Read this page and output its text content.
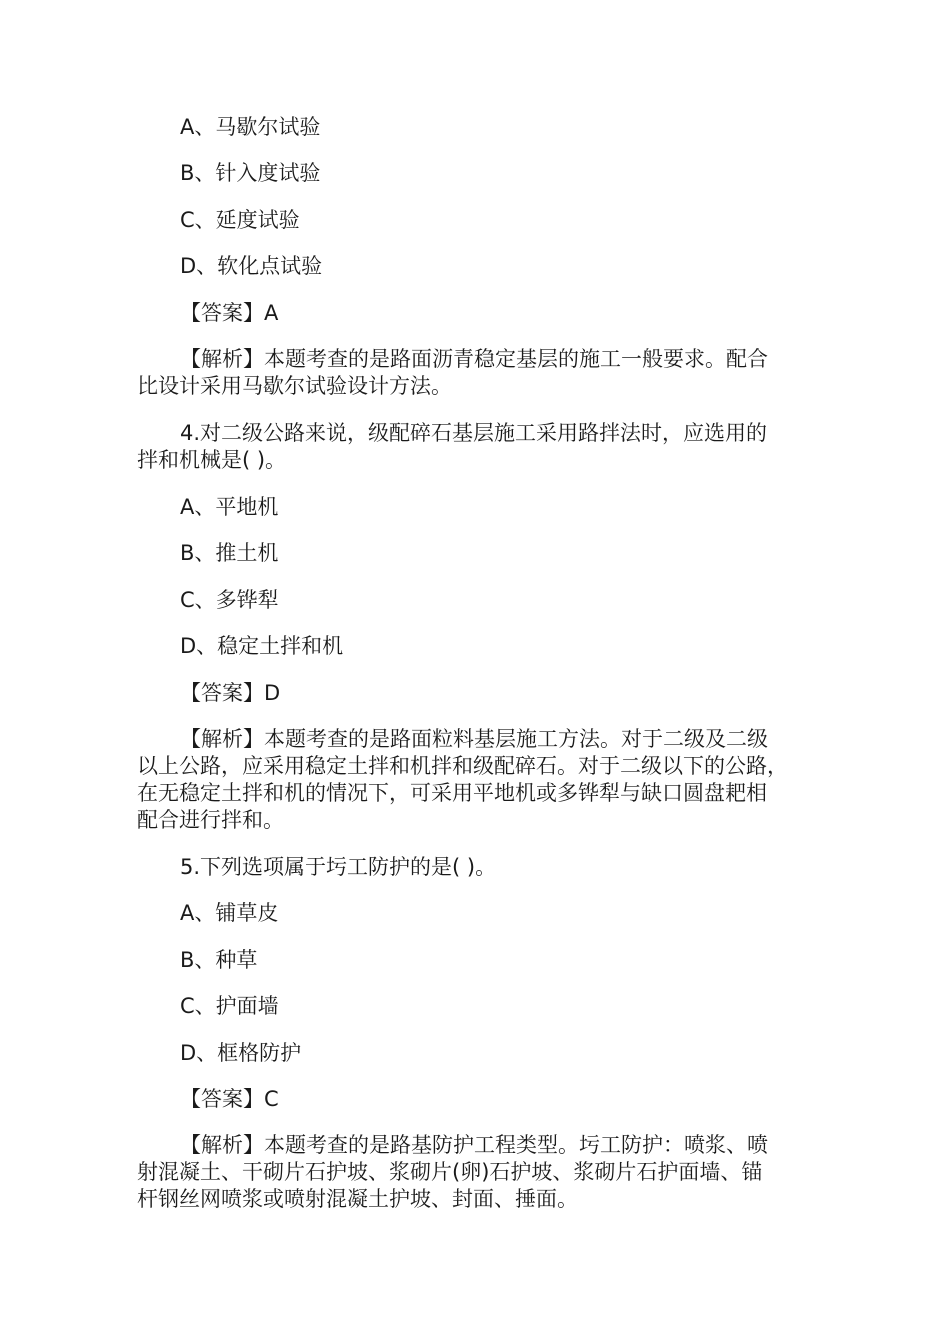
A、马歇尔试验
B、针入度试验
C、延度试验
D、软化点试验
【答案】A
【解析】本题考查的是路面沥青稳定基层的施工一般要求。配合
比设计采用马歇尔试验设计方法。
4.对二级公路来说，级配碎石基层施工采用路拌法时，应选用的
拌和机械是( )。
A、平地机
B、推土机
C、多铧犁
D、稳定土拌和机
【答案】D
【解析】本题考查的是路面粒料基层施工方法。对于二级及二级
以上公路，应采用稳定土拌和机拌和级配碎石。对于二级以下的公路，
在无稳定土拌和机的情况下，可采用平地机或多铧犁与缺口圆盘耙相
配合进行拌和。
5.下列选项属于圬工防护的是( )。
A、铺草皮
B、种草
C、护面墙
D、框格防护
【答案】C
【解析】本题考查的是路基防护工程类型。圬工防护：喷浆、喷
射混凝土、干砌片石护坡、浆砌片(卵)石护坡、浆砌片石护面墙、锚
杆钢丝网喷浆或喷射混凝土护坡、封面、捶面。
